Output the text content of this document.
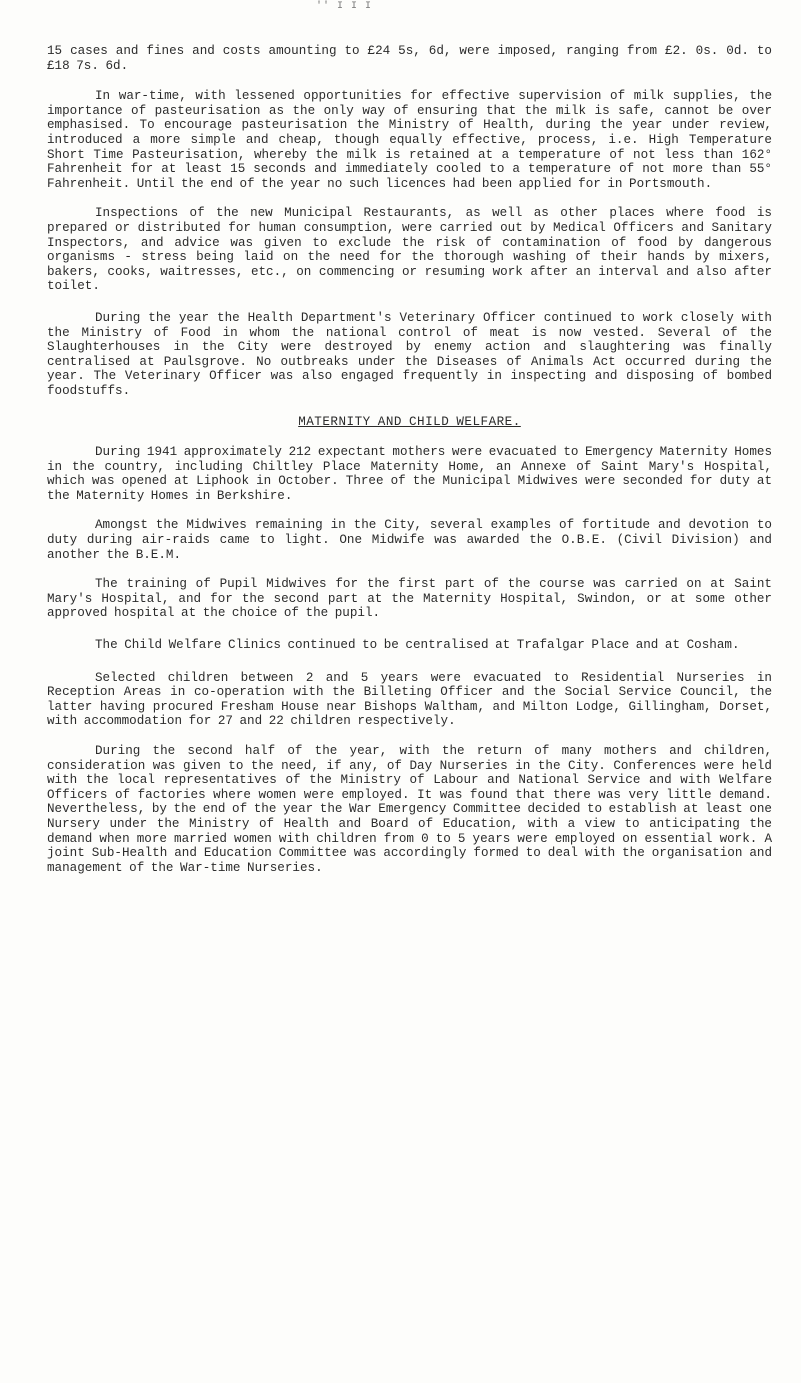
'' I I I

15 cases and fines and costs amounting to £24 5s, 6d, were imposed, ranging from £2. 0s. 0d. to £18 7s. 6d.

In war-time, with lessened opportunities for effective supervision of milk supplies, the importance of pasteurisation as the only way of ensuring that the milk is safe, cannot be over emphasised. To encourage pasteurisation the Ministry of Health, during the year under review, introduced a more simple and cheap, though equally effective, process, i.e. High Temperature Short Time Pasteurisation, whereby the milk is retained at a temperature of not less than 162° Fahrenheit for at least 15 seconds and immediately cooled to a temperature of not more than 55° Fahrenheit. Until the end of the year no such licences had been applied for in Portsmouth.

Inspections of the new Municipal Restaurants, as well as other places where food is prepared or distributed for human consumption, were carried out by Medical Officers and Sanitary Inspectors, and advice was given to exclude the risk of contamination of food by dangerous organisms - stress being laid on the need for the thorough washing of their hands by mixers, bakers, cooks, waitresses, etc., on commencing or resuming work after an interval and also after toilet.

During the year the Health Department's Veterinary Officer continued to work closely with the Ministry of Food in whom the national control of meat is now vested. Several of the Slaughterhouses in the City were destroyed by enemy action and slaughtering was finally centralised at Paulsgrove. No outbreaks under the Diseases of Animals Act occurred during the year. The Veterinary Officer was also engaged frequently in inspecting and disposing of bombed foodstuffs.

MATERNITY AND CHILD WELFARE.

During 1941 approximately 212 expectant mothers were evacuated to Emergency Maternity Homes in the country, including Chiltley Place Maternity Home, an Annexe of Saint Mary's Hospital, which was opened at Liphook in October. Three of the Municipal Midwives were seconded for duty at the Maternity Homes in Berkshire.

Amongst the Midwives remaining in the City, several examples of fortitude and devotion to duty during air-raids came to light. One Midwife was awarded the O.B.E. (Civil Division) and another the B.E.M.

The training of Pupil Midwives for the first part of the course was carried on at Saint Mary's Hospital, and for the second part at the Maternity Hospital, Swindon, or at some other approved hospital at the choice of the pupil.

The Child Welfare Clinics continued to be centralised at Trafalgar Place and at Cosham.

Selected children between 2 and 5 years were evacuated to Residential Nurseries in Reception Areas in co-operation with the Billeting Officer and the Social Service Council, the latter having procured Fresham House near Bishops Waltham, and Milton Lodge, Gillingham, Dorset, with accommodation for 27 and 22 children respectively.

During the second half of the year, with the return of many mothers and children, consideration was given to the need, if any, of Day Nurseries in the City. Conferences were held with the local representatives of the Ministry of Labour and National Service and with Welfare Officers of factories where women were employed. It was found that there was very little demand. Nevertheless, by the end of the year the War Emergency Committee decided to establish at least one Nursery under the Ministry of Health and Board of Education, with a view to anticipating the demand when more married women with children from 0 to 5 years were employed on essential work. A joint Sub-Health and Education Committee was accordingly formed to deal with the organisation and management of the War-time Nurseries.
